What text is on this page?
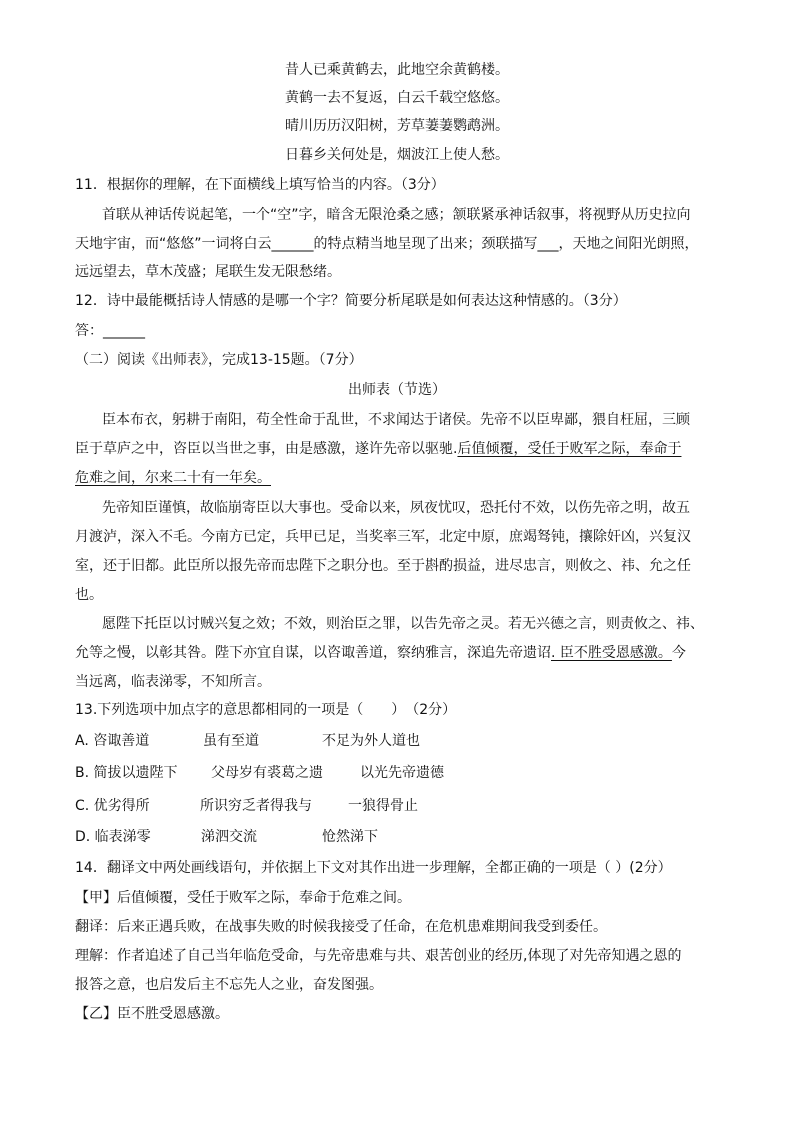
昔人已乘黄鹤去，此地空余黄鹤楼。
黄鹤一去不复返，白云千载空悠悠。
晴川历历汉阳树，芳草萋萋鹦鹉洲。
日暮乡关何处是，烟波江上使人愁。
11．根据你的理解，在下面横线上填写恰当的内容。（3分）
首联从神话传说起笔，一个“空”字，暗含无限沧桑之感；颔联紧承神话叙事，将视野从历史拉向
天地宇宙，而“悠悠”一词将白云______的特点精当地呈现了出来；颈联描写___，天地之间阳光朗照，
远远望去，草木茂盛；尾联生发无限愁绪。
12．诗中最能概括诗人情感的是哪一个字？简要分析尾联是如何表达这种情感的。（3分）
答：______
（二）阅读《出师表》，完成13-15题。（7分）
出师表（节选）
臣本布衣，躬耕于南阳，苟全性命于乱世，不求闻达于诸侯。先帝不以臣卑鄙，猥自枉屈，三顾
臣于草庐之中，咨臣以当世之事，由是感激，遂许先帝以驱驰.后值倾覆，受任于败军之际，奉命于
危难之间，尔来二十有一年矣。
先帝知臣谨慎，故临崩寄臣以大事也。受命以来，夙夜忧叹，恐托付不效，以伤先帝之明，故五
月渡泸，深入不毛。今南方已定，兵甲已足，当奖率三军，北定中原，庶竭驽钝，攘除奸凶，兴复汉
室，还于旧都。此臣所以报先帝而忠陛下之职分也。至于斟酌损益，进尽忠言，则攸之、祎、允之任
也。
愿陛下托臣以讨贼兴复之效；不效，则治臣之罪，以告先帝之灵。若无兴德之言，则责攸之、祎、
允等之慢，以彰其咎。陛下亦宜自谋，以咨诹善道，察纳雅言，深追先帝遗诏. 臣不胜受恩感激。今
当远离，临表涕零，不知所言。
13.下列选项中加点字的意思都相同的一项是（　　）　（2分）
A. 咨诹善道	虽有至道	不足为外人道也
B. 简拔以遗陛下 父母岁有裘葛之遗	以光先帝遗德
C. 优劣得所	所识穷乏者得我与	一狼得骨止
D. 临表涕零	涕泗交流	怆然涕下
14．翻译文中两处画线语句，并依据上下文对其作出进一步理解，全都正确的一项是（ ）(2分）
【甲】后值倾覆，受任于败军之际，奉命于危难之间。
翻译：后来正遇兵败，在战事失败的时候我接受了任命，在危机患难期间我受到委任。
理解：作者追述了自己当年临危受命，与先帝患难与共、艰苦创业的经历,体现了对先帝知遇之恩的
报答之意，也启发后主不忘先人之业，奋发图强。
【乙】臣不胜受恩感激。
